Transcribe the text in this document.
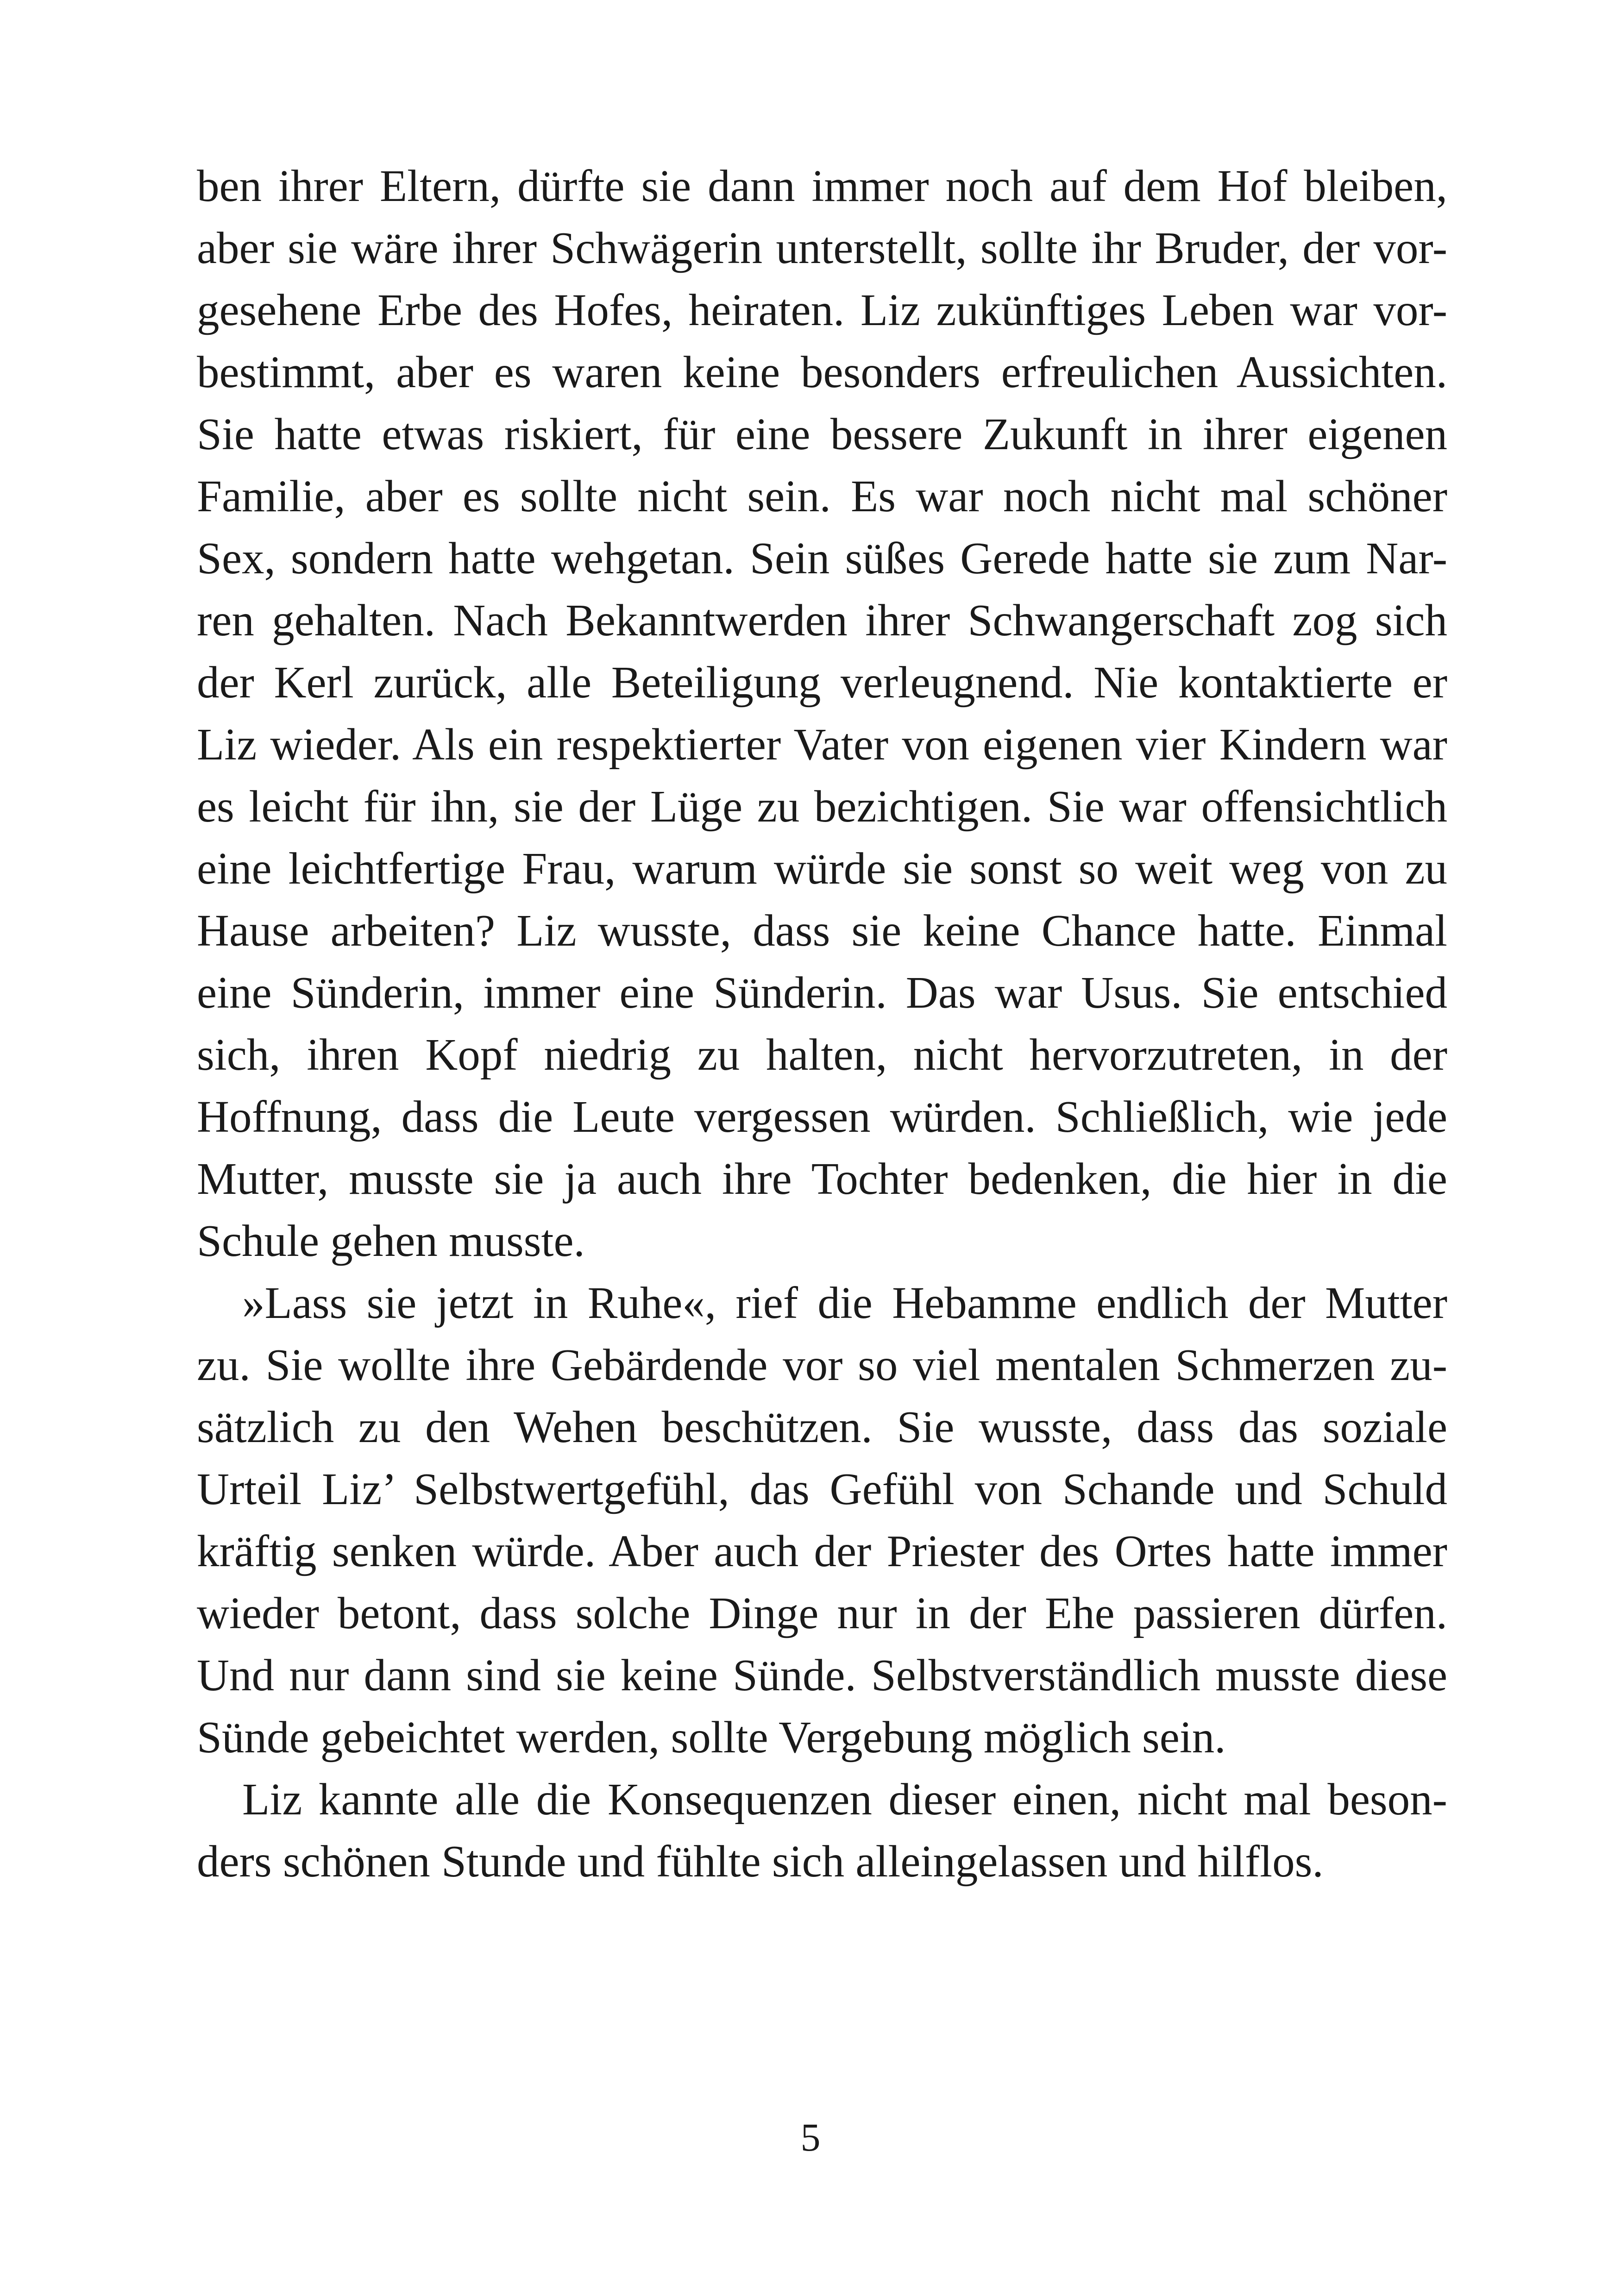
ben ihrer Eltern, dürfte sie dann immer noch auf dem Hof bleiben,
aber sie wäre ihrer Schwägerin unterstellt, sollte ihr Bruder, der vor-
gesehene Erbe des Hofes, heiraten. Liz zukünftiges Leben war vor-
bestimmt, aber es waren keine besonders erfreulichen Aussichten.
Sie hatte etwas riskiert, für eine bessere Zukunft in ihrer eigenen
Familie, aber es sollte nicht sein. Es war noch nicht mal schöner
Sex, sondern hatte wehgetan. Sein süßes Gerede hatte sie zum Nar-
ren gehalten. Nach Bekanntwerden ihrer Schwangerschaft zog sich
der Kerl zurück, alle Beteiligung verleugnend. Nie kontaktierte er
Liz wieder. Als ein respektierter Vater von eigenen vier Kindern war
es leicht für ihn, sie der Lüge zu bezichtigen. Sie war offensichtlich
eine leichtfertige Frau, warum würde sie sonst so weit weg von zu
Hause arbeiten? Liz wusste, dass sie keine Chance hatte. Einmal
eine Sünderin, immer eine Sünderin. Das war Usus. Sie entschied
sich, ihren Kopf niedrig zu halten, nicht hervorzutreten, in der
Hoffnung, dass die Leute vergessen würden. Schließlich, wie jede
Mutter, musste sie ja auch ihre Tochter bedenken, die hier in die
Schule gehen musste.
»Lass sie jetzt in Ruhe«, rief die Hebamme endlich der Mutter
zu. Sie wollte ihre Gebärdende vor so viel mentalen Schmerzen zu-
sätzlich zu den Wehen beschützen. Sie wusste, dass das soziale
Urteil Liz’ Selbstwertgefühl, das Gefühl von Schande und Schuld
kräftig senken würde. Aber auch der Priester des Ortes hatte immer
wieder betont, dass solche Dinge nur in der Ehe passieren dürfen.
Und nur dann sind sie keine Sünde. Selbstverständlich musste diese
Sünde gebeichtet werden, sollte Vergebung möglich sein.
Liz kannte alle die Konsequenzen dieser einen, nicht mal beson-
ders schönen Stunde und fühlte sich alleingelassen und hilflos.
5
